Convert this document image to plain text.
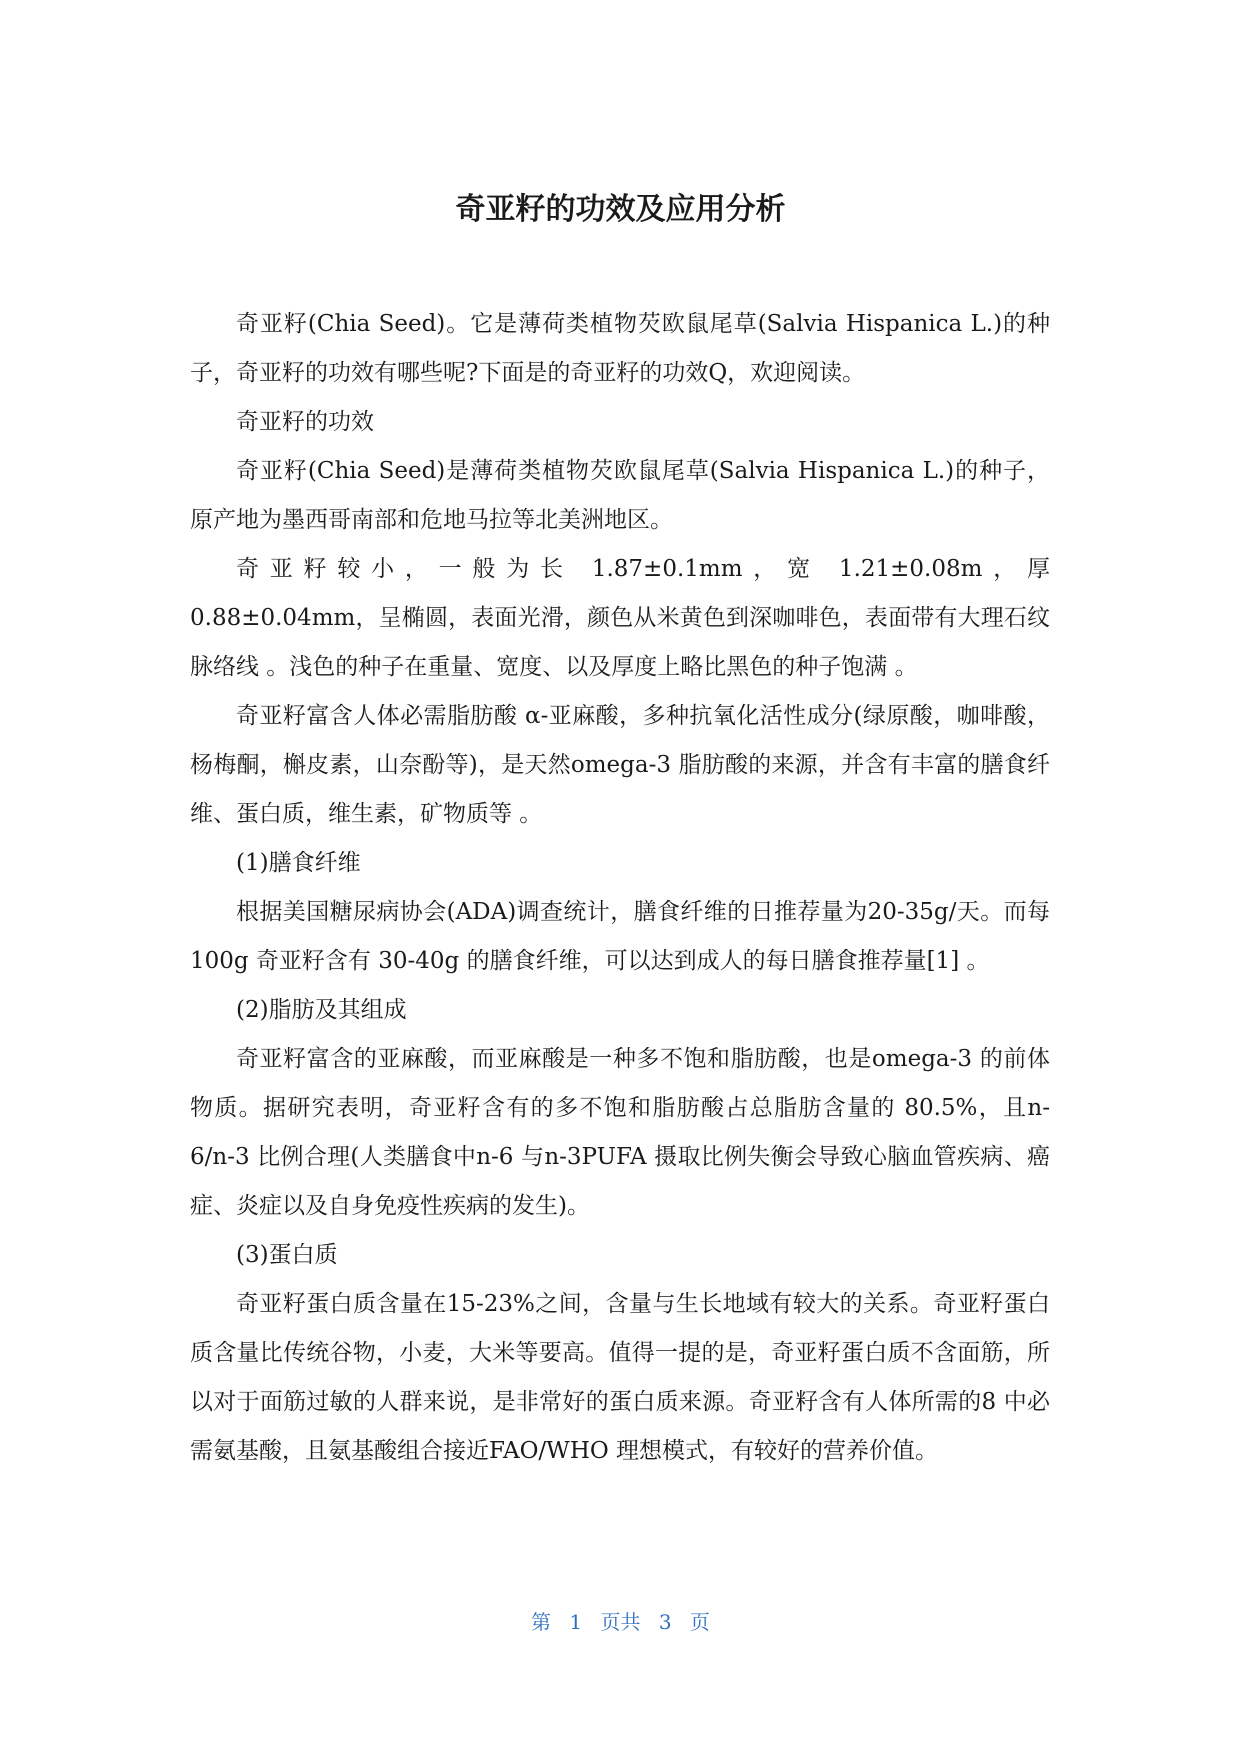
奇亚籽的功效及应用分析

奇亚籽(Chia Seed)。它是薄荷类植物芡欧鼠尾草(Salvia Hispanica L.)的种子，奇亚籽的功效有哪些呢?下面是的奇亚籽的功效Q，欢迎阅读。

奇亚籽的功效

奇亚籽(Chia Seed)是薄荷类植物芡欧鼠尾草(Salvia Hispanica L.)的种子，原产地为墨西哥南部和危地马拉等北美洲地区。

奇亚籽较小，一般为长 1.87±0.1mm，宽 1.21±0.08m，厚 0.88±0.04mm，呈椭圆，表面光滑，颜色从米黄色到深咖啡色，表面带有大理石纹脉络线 。浅色的种子在重量、宽度、以及厚度上略比黑色的种子饱满 。

奇亚籽富含人体必需脂肪酸 α-亚麻酸，多种抗氧化活性成分(绿原酸，咖啡酸，杨梅酮，槲皮素，山奈酚等)，是天然omega-3 脂肪酸的来源，并含有丰富的膳食纤维、蛋白质，维生素，矿物质等 。

(1)膳食纤维

根据美国糖尿病协会(ADA)调查统计，膳食纤维的日推荐量为20-35g/天。而每 100g 奇亚籽含有 30-40g 的膳食纤维，可以达到成人的每日膳食推荐量[1] 。

(2)脂肪及其组成

奇亚籽富含的亚麻酸，而亚麻酸是一种多不饱和脂肪酸，也是omega-3 的前体物质。据研究表明，奇亚籽含有的多不饱和脂肪酸占总脂肪含量的 80.5%，且n-6/n-3 比例合理(人类膳食中n-6 与n-3PUFA 摄取比例失衡会导致心脑血管疾病、癌症、炎症以及自身免疫性疾病的发生)。

(3)蛋白质

奇亚籽蛋白质含量在15-23%之间，含量与生长地域有较大的关系。奇亚籽蛋白质含量比传统谷物，小麦，大米等要高。值得一提的是，奇亚籽蛋白质不含面筋，所以对于面筋过敏的人群来说，是非常好的蛋白质来源。奇亚籽含有人体所需的8 中必需氨基酸，且氨基酸组合接近FAO/WHO 理想模式，有较好的营养价值。

第 1 页共 3 页
